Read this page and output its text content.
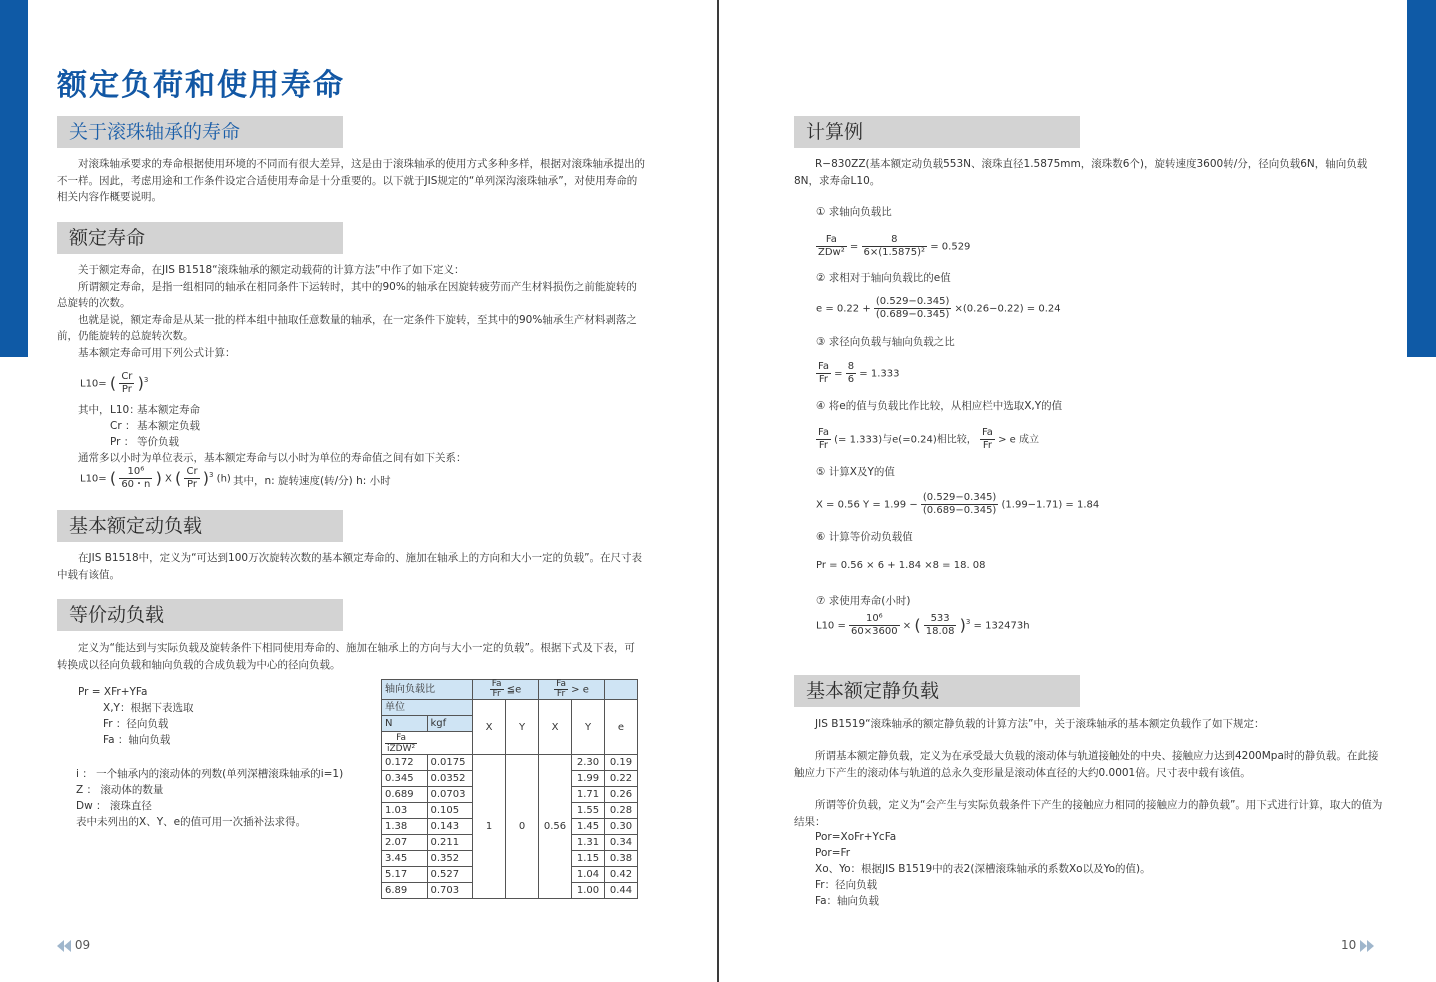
额定负荷和使用寿命
关于滚珠轴承的寿命
对滚珠轴承要求的寿命根据使用环境的不同而有很大差异，这是由于滚珠轴承的使用方式多种多样，根据对滚珠轴承提出的不一样。因此，考虑用途和工作条件设定合适使用寿命是十分重要的。以下就于JIS规定的“单列深沟滚珠轴承”，对使用寿命的相关内容作概要说明。
额定寿命
关于额定寿命，在JIS B1518“滚珠轴承的额定动载荷的计算方法”中作了如下定义：
所谓额定寿命，是指一组相同的轴承在相同条件下运转时，其中的90%的轴承在因旋转疲劳而产生材料损伤之前能旋转的总旋转的次数。
也就是说，额定寿命是从某一批的样本组中抽取任意数量的轴承，在一定条件下旋转，至其中的90%轴承生产材料剥落之前，仍能旋转的总旋转次数。
基本额定寿命可用下列公式计算：
L10= ( $\frac{Cr}{Pr} )^3$
其中， L10：
基本额定寿命
Cr ： 基本额定负载
Pr ： 等价负载
通常多以小时为单位表示，基本额定寿命与以小时为单位的寿命值之间有如下关系：
L10= ( $\frac{\text{10⁶}}{60・n}$ ) X ( $\frac{Cr}{Pr} )^3$ (h) 其中，n: 旋转速度(转/分) h: 小时
基本额定动负载
在JIS B1518中，定义为“可达到100万次旋转次数的基本额定寿命的、施加在轴承上的方向和大小一定的负载”。在尺寸表中载有该值。
等价动负载
定义为“能达到与实际负载及旋转条件下相同使用寿命的、施加在轴承上的方向与大小一定的负载”。根据下式及下表，可转换成以径向负载和轴向负载的合成负载为中心的径向负载。
Pr = XFr+YFa
X,Y：根据下表选取
Fr ：径向负载
Fa ：轴向负载
i ： 一个轴承内的滚动体的列数(单列深槽滚珠轴承的i=1)
Z ： 滚动体的数量
Dw ： 滚珠直径
表中未列出的X、Y、e的值可用一次插补法求得。
轴向负载比		$\frac{Fa}{Fr}$ ≦e		$\frac{Fa}{Fr} > e$		
单位		X	Y	X	Y	e
N	kgf					

$\frac{Fa}{\text{iZDW²}}$

0.172	0.0175	1	0	0.56	2.30	0.19
0.345	0.0352				1.99	0.22
0.689	0.0703				1.71	0.26
1.03	0.105				1.55	0.28
1.38	0.143				1.45	0.30
2.07	0.211				1.31	0.34
3.45	0.352				1.15	0.38
5.17	0.527				1.04	0.42
6.89	0.703				1.00	0.44
09
计算例
R−830ZZ(基本额定动负载553N、滚珠直径1.5875mm，滚珠数6个)，旋转速度3600转/分，径向负载6N，轴向负载8N，求寿命L10。
① 求轴向负载比
$\frac{Fa}{\text{ZDw²}} = \frac{8}{\text{6×(1.5875)²}} = 0.529$
② 求相对于轴向负载比的e值
$e = 0.22 + \frac{(0.529-0.345)}{(0.689-0.345)} \times(0.26-0.22) = 0.24$
③ 求径向负载与轴向负载之比
$\frac{Fa}{Fr} = \frac{8}{6} = 1.333$
④ 将e的值与负载比作比较，从相应栏中选取X,Y的值
$\frac{Fa}{Fr}$ (= 1.333)与e(=0.24)相比较， $\frac{Fa}{Fr} > e$ 成立
⑤ 计算X及Y的值
X = 0.56 $Y = 1.99 - \frac{(0.529-0.345)}{(0.689-0.345)} (1.99-1.71) = 1.84$
⑥ 计算等价动负载值
Pr = 0.56 × 6 + 1.84 ×8 = 18. 08
⑦ 求使用寿命(小时)
$L10 = \frac{\text{10⁶}}{60\times 3600}$ × ( $\frac{533}{18.08} )^3 = 132473h$
基本额定静负载
JIS B1519“滚珠轴承的额定静负载的计算方法”中，关于滚珠轴承的基本额定负载作了如下规定：
所谓基本额定静负载，定义为在承受最大负载的滚动体与轨道接触处的中央、接触应力达到4200Mpa时的静负载。在此接触应力下产生的滚动体与轨道的总永久变形量是滚动体直径的大约0.0001倍。尺寸表中载有该值。
所谓等价负载，定义为“会产生与实际负载条件下产生的接触应力相同的接触应力的静负载”。用下式进行计算，取大的值为结果：
Por=XoFr+YcFa
Por=Fr
Xo、Yo：根据JIS B1519中的表2(深槽滚珠轴承的系数Xo以及Yo的值)。
Fr：径向负载
Fa：轴向负载
10
